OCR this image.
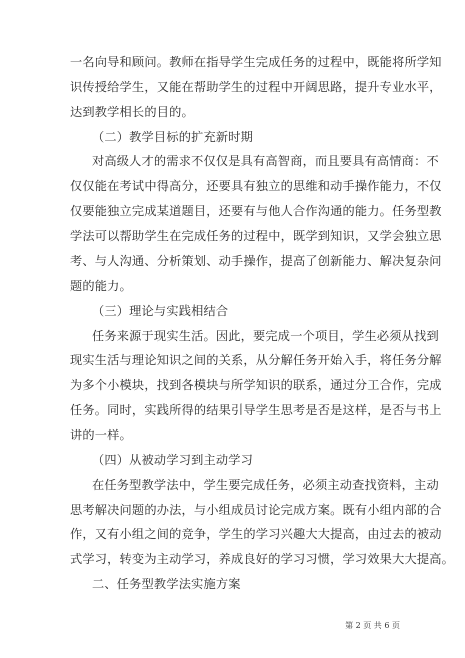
一名向导和顾问。教师在指导学生完成任务的过程中，既能将所学知
识传授给学生，又能在帮助学生的过程中开阔思路，提升专业水平，
达到教学相长的目的。
（二）教学目标的扩充新时期
对高级人才的需求不仅仅是具有高智商，而且要具有高情商：不
仅仅能在考试中得高分，还要具有独立的思维和动手操作能力，不仅
仅要能独立完成某道题目，还要有与他人合作沟通的能力。任务型教
学法可以帮助学生在完成任务的过程中，既学到知识，又学会独立思
考、与人沟通、分析策划、动手操作，提高了创新能力、解决复杂问
题的能力。
（三）理论与实践相结合
任务来源于现实生活。因此，要完成一个项目，学生必须从找到
现实生活与理论知识之间的关系，从分解任务开始入手，将任务分解
为多个小模块，找到各模块与所学知识的联系，通过分工合作，完成
任务。同时，实践所得的结果引导学生思考是否是这样，是否与书上
讲的一样。
（四）从被动学习到主动学习
在任务型教学法中，学生要完成任务，必须主动查找资料，主动
思考解决问题的办法，与小组成员讨论完成方案。既有小组内部的合
作，又有小组之间的竞争，学生的学习兴趣大大提高，由过去的被动
式学习，转变为主动学习，养成良好的学习习惯，学习效果大大提高。
二、任务型教学法实施方案
第 2 页 共 6 页
